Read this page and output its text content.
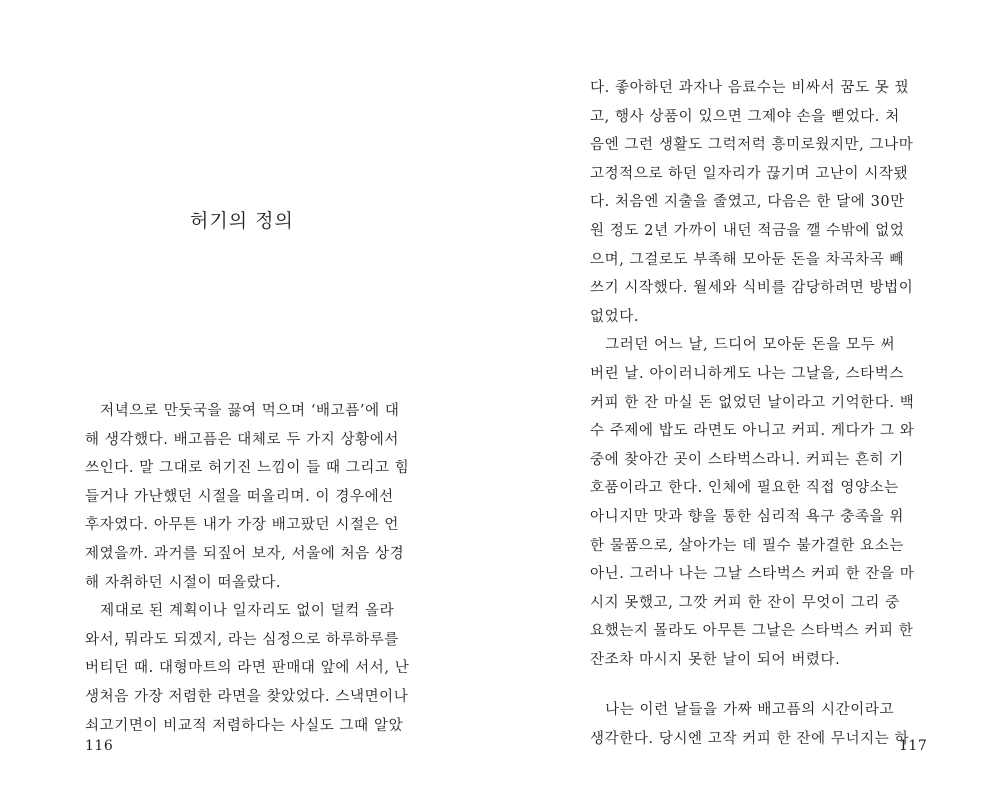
허기의 정의
　저녁으로 만둣국을 끓여 먹으며 ‘배고픔’에 대
해 생각했다. 배고픔은 대체로 두 가지 상황에서
쓰인다. 말 그대로 허기진 느낌이 들 때 그리고 힘
들거나 가난했던 시절을 떠올리며. 이 경우에선
후자였다. 아무튼 내가 가장 배고팠던 시절은 언
제였을까. 과거를 되짚어 보자, 서울에 처음 상경
해 자취하던 시절이 떠올랐다.
　제대로 된 계획이나 일자리도 없이 덜컥 올라
와서, 뭐라도 되겠지, 라는 심정으로 하루하루를
버티던 때. 대형마트의 라면 판매대 앞에 서서, 난
생처음 가장 저렴한 라면을 찾았었다. 스낵면이나
쇠고기면이 비교적 저렴하다는 사실도 그때 알았
116
다. 좋아하던 과자나 음료수는 비싸서 꿈도 못 꿨
고, 행사 상품이 있으면 그제야 손을 뻗었다. 처
음엔 그런 생활도 그럭저럭 흥미로웠지만, 그나마
고정적으로 하던 일자리가 끊기며 고난이 시작됐
다. 처음엔 지출을 줄였고, 다음은 한 달에 30만
원 정도 2년 가까이 내던 적금을 깰 수밖에 없었
으며, 그걸로도 부족해 모아둔 돈을 차곡차곡 빼
쓰기 시작했다. 월세와 식비를 감당하려면 방법이
없었다.
　그러던 어느 날, 드디어 모아둔 돈을 모두 써
버린 날. 아이러니하게도 나는 그날을, 스타벅스
커피 한 잔 마실 돈 없었던 날이라고 기억한다. 백
수 주제에 밥도 라면도 아니고 커피. 게다가 그 와
중에 찾아간 곳이 스타벅스라니. 커피는 흔히 기
호품이라고 한다. 인체에 필요한 직접 영양소는
아니지만 맛과 향을 통한 심리적 욕구 충족을 위
한 물품으로, 살아가는 데 필수 불가결한 요소는
아닌. 그러나 나는 그날 스타벅스 커피 한 잔을 마
시지 못했고, 그깟 커피 한 잔이 무엇이 그리 중
요했는지 몰라도 아무튼 그날은 스타벅스 커피 한
잔조차 마시지 못한 날이 되어 버렸다.
　나는 이런 날들을 가짜 배고픔의 시간이라고
생각한다. 당시엔 고작 커피 한 잔에 무너지는 하
117
